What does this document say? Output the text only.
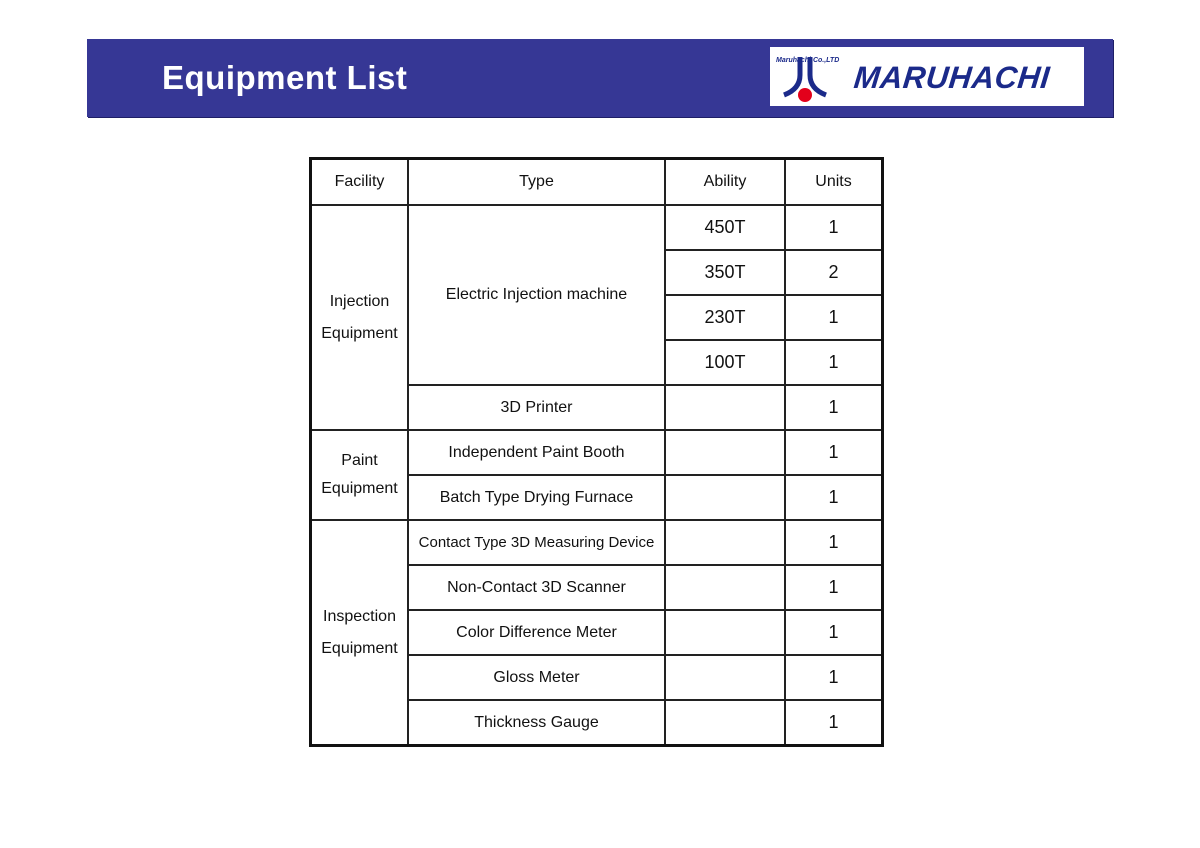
Equipment List	Maruhachi.Co.,LTD MARUHACHI
Facility	Type	Ability	Units

Injection
Equipment	Electric Injection machine	450T	1
		350T	2
		230T	1
		100T	1
	3D Printer		1

Paint
Equipment	Independent Paint Booth		1
	Batch Type Drying Furnace		1

Inspection
Equipment	Contact Type 3D Measuring Device		1
	Non-Contact 3D Scanner		1
	Color Difference Meter		1
	Gloss Meter		1
	Thickness Gauge		1
